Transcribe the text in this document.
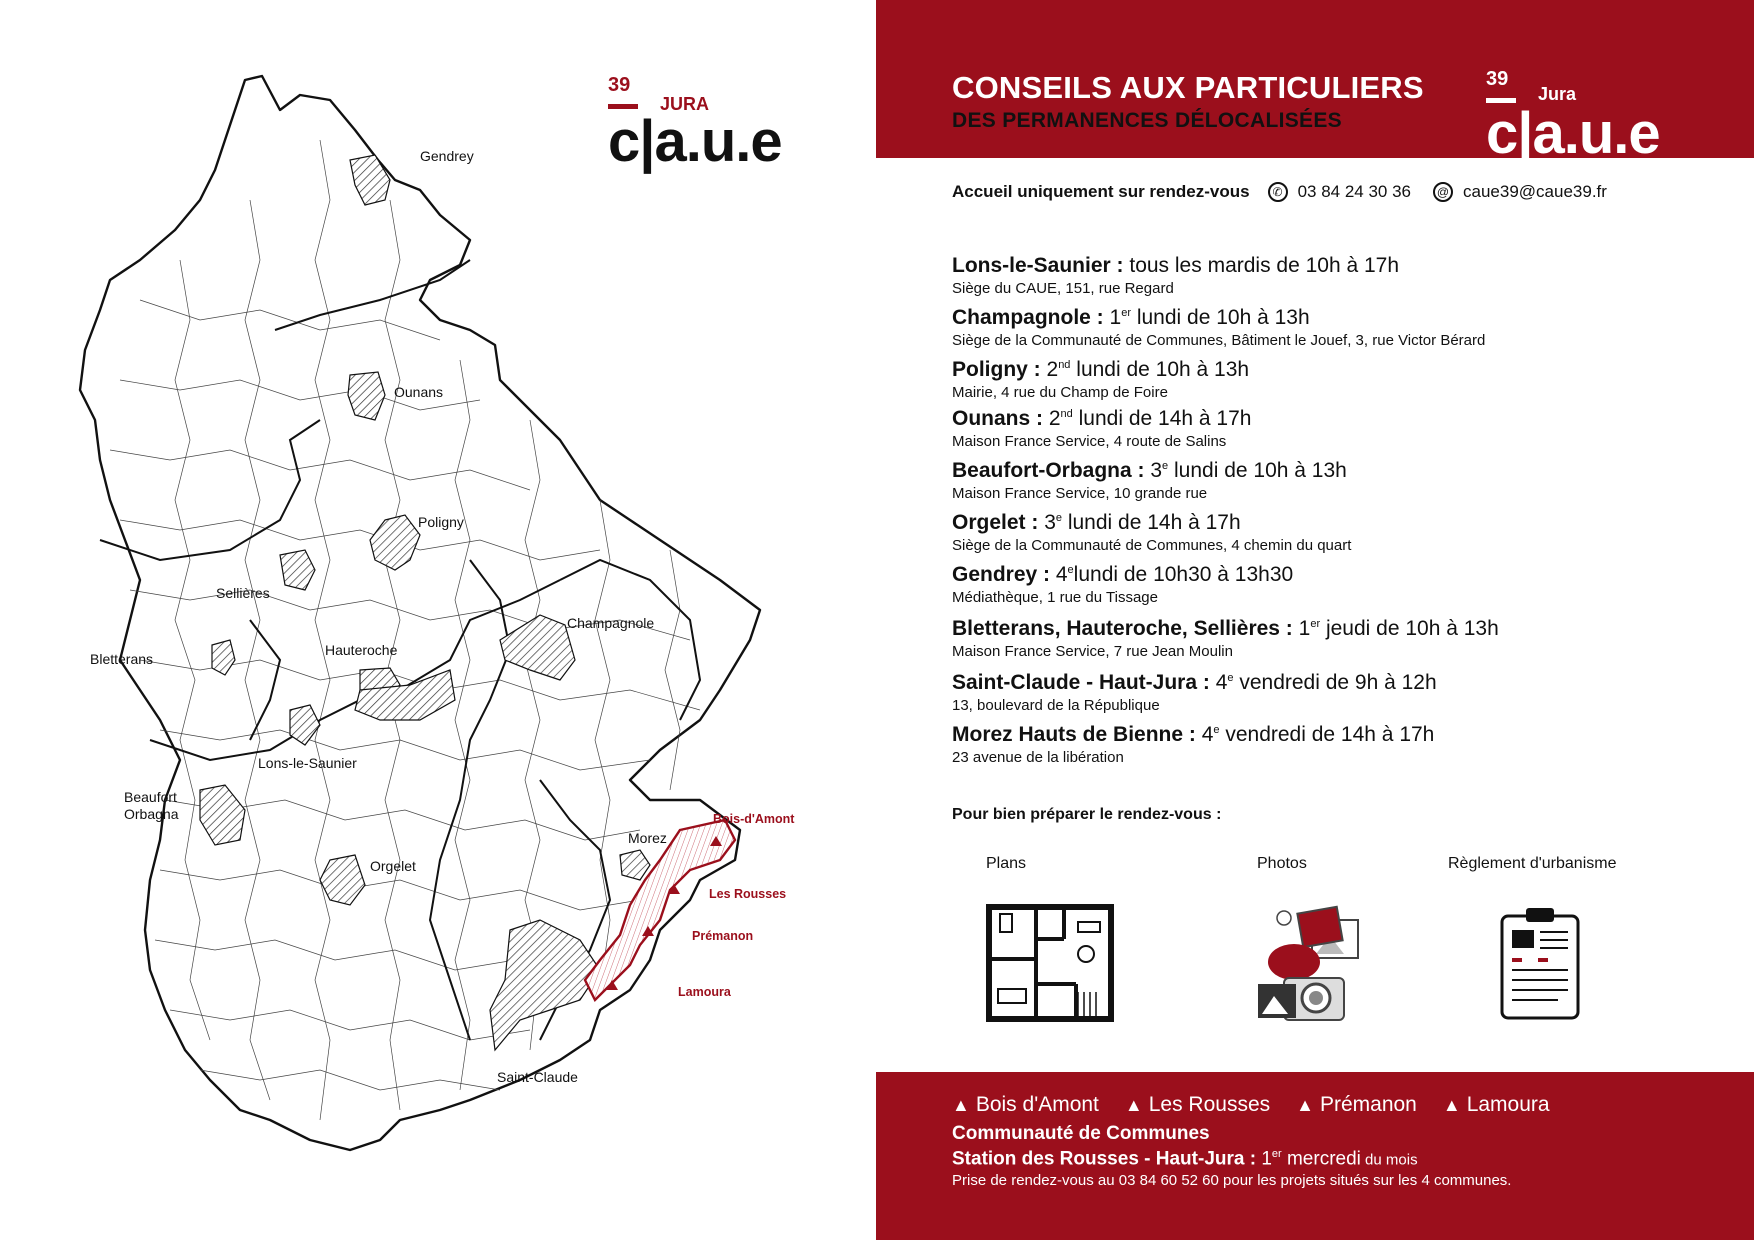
39
JURA
c|a.u.e
Gendrey
Ounans
Poligny
Sellières
Champagnole
Hauteroche
Bletterans
Lons-le-Saunier
Beaufort
Orbagna
Orgelet
Morez
Saint-Claude
Bois-d'Amont
Les Rousses
Prémanon
Lamoura
CONSEILS AUX PARTICULIERS
DES PERMANENCES DÉLOCALISÉES
39
Jura
c|a.u.e
Accueil uniquement sur rendez-vous	✆ 03 84 24 30 36	@ caue39@caue39.fr
Lons-le-Saunier : tous les mardis de 10h à 17h
Siège du CAUE, 151, rue Regard
Champagnole : 1er lundi de 10h à 13h
Siège de la Communauté de Communes, Bâtiment le Jouef, 3, rue Victor Bérard
Poligny : 2nd lundi de 10h à 13h
Mairie, 4 rue du Champ de Foire
Ounans : 2nd lundi de 14h à 17h
Maison France Service, 4 route de Salins
Beaufort-Orbagna : 3e lundi de 10h à 13h
Maison France Service, 10 grande rue
Orgelet : 3e lundi de 14h à 17h
Siège de la Communauté de Communes, 4 chemin du quart
Gendrey : 4elundi de 10h30 à 13h30
Médiathèque, 1 rue du Tissage
Bletterans, Hauteroche, Sellières : 1er jeudi de 10h à 13h
Maison France Service, 7 rue Jean Moulin
Saint-Claude - Haut-Jura : 4e vendredi de 9h à 12h
13, boulevard de la République
Morez Hauts de Bienne : 4e vendredi de 14h à 17h
23 avenue de la libération
Pour bien préparer le rendez-vous :
Plans	Photos	Règlement d'urbanisme
▲ Bois d'Amont	▲ Les Rousses	▲ Prémanon	▲ Lamoura
Communauté de Communes
Station des Rousses - Haut-Jura : 1er mercredi du mois
Prise de rendez-vous au 03 84 60 52 60 pour les projets situés sur les 4 communes.
